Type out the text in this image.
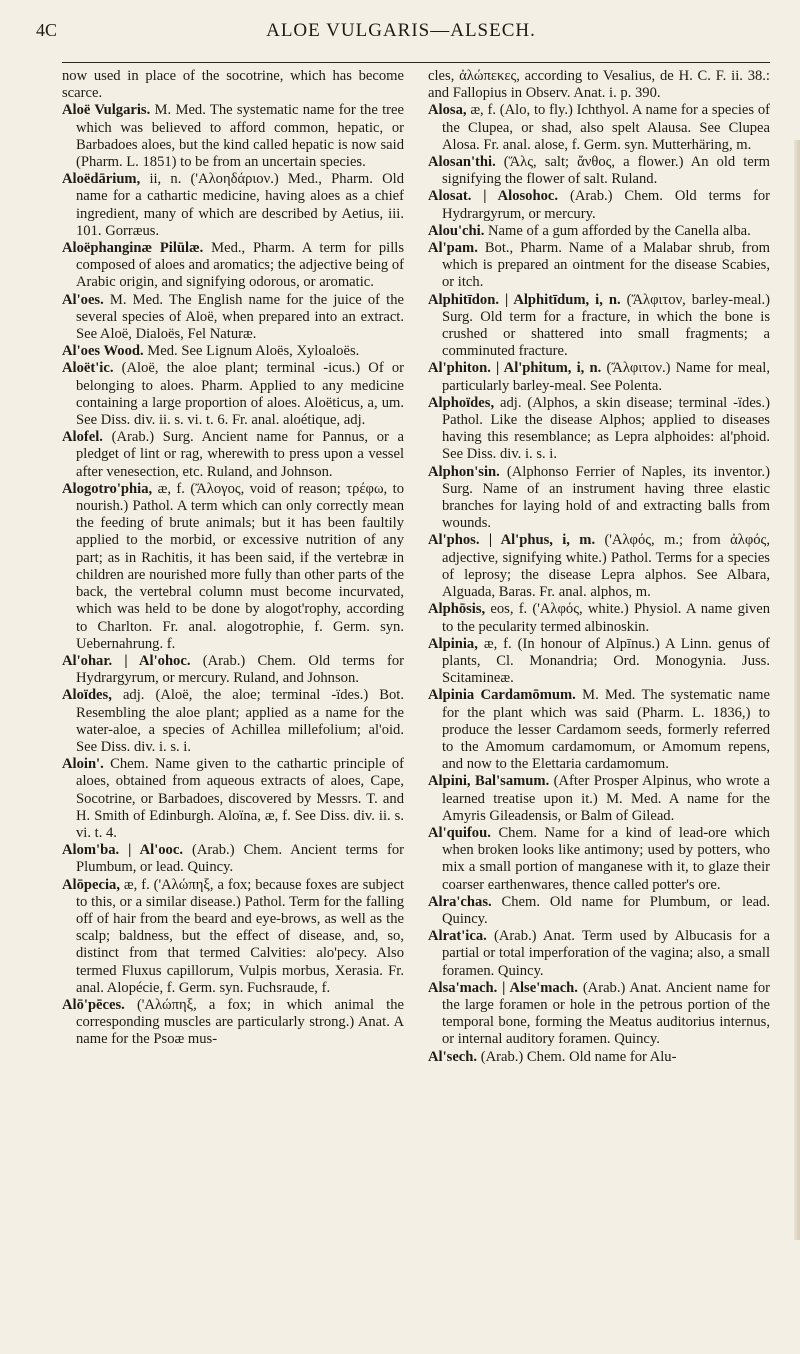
4C	ALOE VULGARIS—ALSECH.

now used in place of the socotrine, which has become scarce.

Aloë Vulgaris. M. Med. The systematic name for the tree which was believed to afford common, hepatic, or Barbadoes aloes, but the kind called hepatic is now said (Pharm. L. 1851) to be from an uncertain species.

Aloëdārium, ii, n. ('Αλοηδάριον.) Med., Pharm. Old name for a cathartic medicine, having aloes as a chief ingredient, many of which are described by Aetius, iii. 101. Gorræus.

Aloëphanginæ Pilūlæ. Med., Pharm. A term for pills composed of aloes and aromatics; the adjective being of Arabic origin, and signifying odorous, or aromatic.

Al'oes. M. Med. The English name for the juice of the several species of Aloë, when prepared into an extract. See Aloë, Dialoës, Fel Naturæ.

Al'oes Wood. Med. See Lignum Aloës, Xyloaloës.

Aloët'ic. (Aloë, the aloe plant; terminal -icus.) Of or belonging to aloes. Pharm. Applied to any medicine containing a large proportion of aloes. Aloëticus, a, um. See Diss. div. ii. s. vi. t. 6. Fr. anal. aloétique, adj.

Alofel. (Arab.) Surg. Ancient name for Pannus, or a pledget of lint or rag, wherewith to press upon a vessel after venesection, etc. Ruland, and Johnson.

Alogotro'phia, æ, f. (Ἄλογος, void of reason; τρέφω, to nourish.) Pathol. A term which can only correctly mean the feeding of brute animals; but it has been faultily applied to the morbid, or excessive nutrition of any part; as in Rachitis, it has been said, if the vertebræ in children are nourished more fully than other parts of the back, the vertebral column must become incurvated, which was held to be done by alogot'rophy, according to Charlton. Fr. anal. alogotrophie, f. Germ. syn. Uebernahrung. f.

Al'ohar. | Al'ohoc. (Arab.) Chem. Old terms for Hydrargyrum, or mercury. Ruland, and Johnson.

Aloïdes, adj. (Aloë, the aloe; terminal -ïdes.) Bot. Resembling the aloe plant; applied as a name for the water-aloe, a species of Achillea millefolium; al'oid. See Diss. div. i. s. i.

Aloin'. Chem. Name given to the cathartic principle of aloes, obtained from aqueous extracts of aloes, Cape, Socotrine, or Barbadoes, discovered by Messrs. T. and H. Smith of Edinburgh. Aloïna, æ, f. See Diss. div. ii. s. vi. t. 4.

Alom'ba. | Al'ooc. (Arab.) Chem. Ancient terms for Plumbum, or lead. Quincy.

Alōpecia, æ, f. ('Αλώπηξ, a fox; because foxes are subject to this, or a similar disease.) Pathol. Term for the falling off of hair from the beard and eye-brows, as well as the scalp; baldness, but the effect of disease, and, so, distinct from that termed Calvities: alo'pecy. Also termed Fluxus capillorum, Vulpis morbus, Xerasia. Fr. anal. Alopécie, f. Germ. syn. Fuchsraude, f.

Alō'pēces. ('Αλώπηξ, a fox; in which animal the corresponding muscles are particularly strong.) Anat. A name for the Psoæ mus-

cles, ἀλώπεκες, according to Vesalius, de H. C. F. ii. 38.: and Fallopius in Observ. Anat. i. p. 390.

Alosa, æ, f. (Alo, to fly.) Ichthyol. A name for a species of the Clupea, or shad, also spelt Alausa. See Clupea Alosa. Fr. anal. alose, f. Germ. syn. Mutterhäring, m.

Alosan'thi. (Ἅλς, salt; ἄνθος, a flower.) An old term signifying the flower of salt. Ruland.

Alosat. | Alosohoc. (Arab.) Chem. Old terms for Hydrargyrum, or mercury.

Alou'chi. Name of a gum afforded by the Canella alba.

Al'pam. Bot., Pharm. Name of a Malabar shrub, from which is prepared an ointment for the disease Scabies, or itch.

Alphitīdon. | Alphitīdum, i, n. (Ἄλφιτον, barley-meal.) Surg. Old term for a fracture, in which the bone is crushed or shattered into small fragments; a comminuted fracture.

Al'phiton. | Al'phitum, i, n. (Ἄλφιτον.) Name for meal, particularly barley-meal. See Polenta.

Alphoïdes, adj. (Alphos, a skin disease; terminal -ïdes.) Pathol. Like the disease Alphos; applied to diseases having this resemblance; as Lepra alphoides: al'phoid. See Diss. div. i. s. i.

Alphon'sin. (Alphonso Ferrier of Naples, its inventor.) Surg. Name of an instrument having three elastic branches for laying hold of and extracting balls from wounds.

Al'phos. | Al'phus, i, m. ('Αλφός, m.; from ἀλφός, adjective, signifying white.) Pathol. Terms for a species of leprosy; the disease Lepra alphos. See Albara, Alguada, Baras. Fr. anal. alphos, m.

Alphōsis, eos, f. ('Αλφός, white.) Physiol. A name given to the pecularity termed albinoskin.

Alpinia, æ, f. (In honour of Alpīnus.) A Linn. genus of plants, Cl. Monandria; Ord. Monogynia. Juss. Scitamineæ.

Alpinia Cardamōmum. M. Med. The systematic name for the plant which was said (Pharm. L. 1836,) to produce the lesser Cardamom seeds, formerly referred to the Amomum cardamomum, or Amomum repens, and now to the Elettaria cardamomum.

Alpini, Bal'samum. (After Prosper Alpinus, who wrote a learned treatise upon it.) M. Med. A name for the Amyris Gileadensis, or Balm of Gilead.

Al'quifou. Chem. Name for a kind of lead-ore which when broken looks like antimony; used by potters, who mix a small portion of manganese with it, to glaze their coarser earthenwares, thence called potter's ore.

Alra'chas. Chem. Old name for Plumbum, or lead. Quincy.

Alrat'ica. (Arab.) Anat. Term used by Albucasis for a partial or total imperforation of the vagina; also, a small foramen. Quincy.

Alsa'mach. | Alse'mach. (Arab.) Anat. Ancient name for the large foramen or hole in the petrous portion of the temporal bone, forming the Meatus auditorius internus, or internal auditory foramen. Quincy.

Al'sech. (Arab.) Chem. Old name for Alu-
